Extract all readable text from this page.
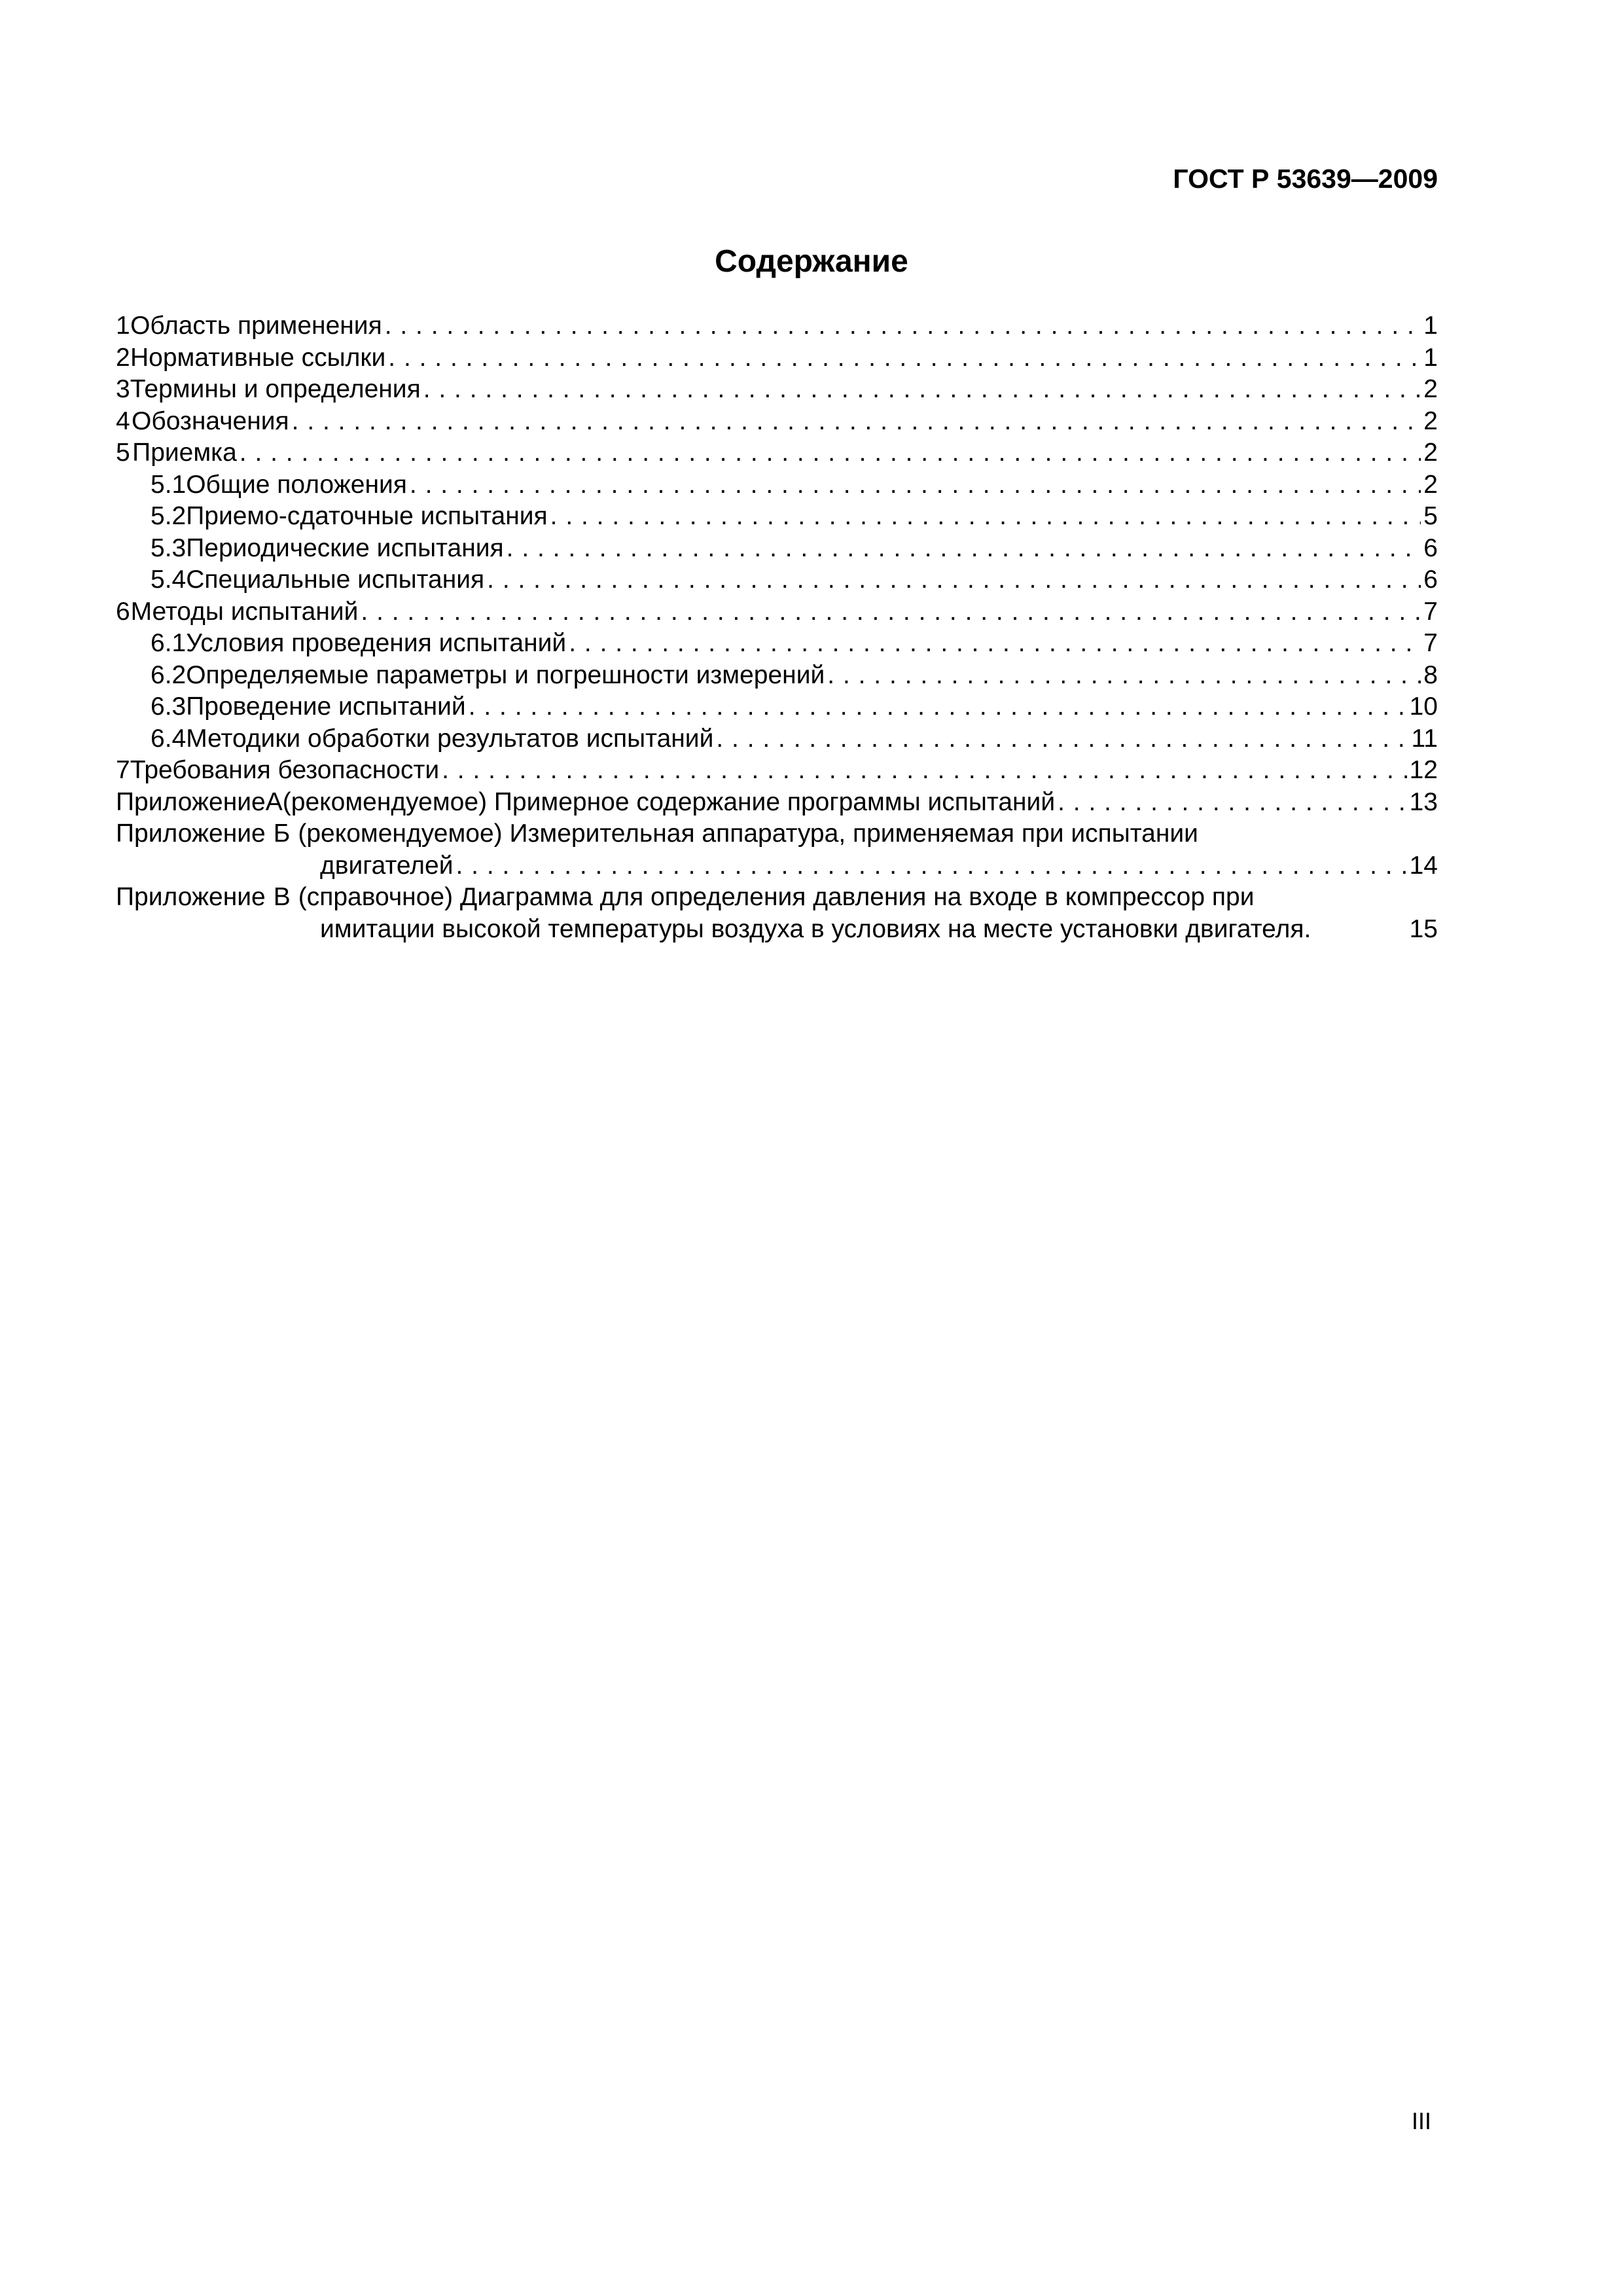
ГОСТ Р 53639—2009
Содержание
1 Область применения . . .	1
2 Нормативные ссылки . . .	1
3 Термины и определения . . .	2
4 Обозначения . . .	2
5 Приемка . . .	2
5.1 Общие положения . . .	2
5.2 Приемо-сдаточные испытания . . .	5
5.3 Периодические испытания . . .	6
5.4 Специальные испытания . . .	6
6 Методы испытаний . . .	7
6.1 Условия проведения испытаний . . .	7
6.2 Определяемые параметры и погрешности измерений . . .	8
6.3 Проведение испытаний . . .	10
6.4 Методики обработки результатов испытаний . . .	11
7 Требования безопасности . . .	12
Приложение А (рекомендуемое) Примерное содержание программы испытаний . . .	13
Приложение Б (рекомендуемое) Измерительная аппаратура, применяемая при испытании
двигателей . . .	14
Приложение В (справочное) Диаграмма для определения давления на входе в компрессор при
имитации высокой температуры воздуха в условиях на месте установки двигателя.	15
III
